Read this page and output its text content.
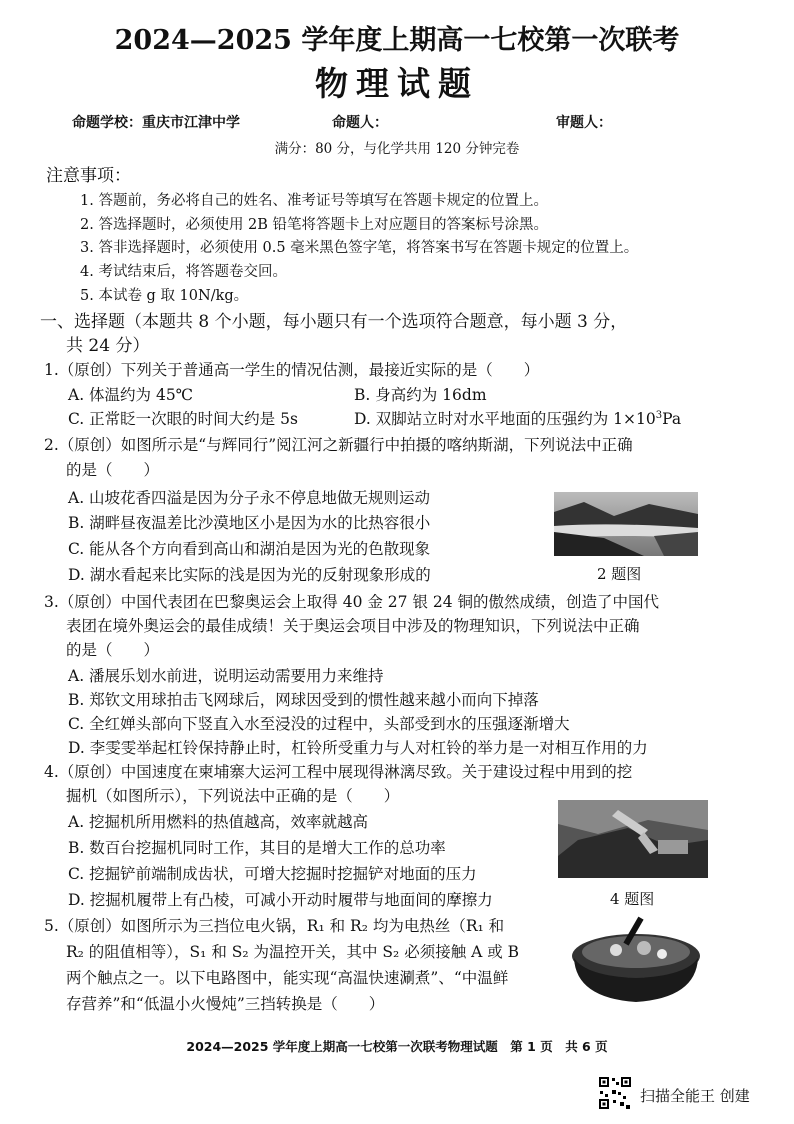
2024—2025 学年度上期高一七校第一次联考
物理试题
命题学校：重庆市江津中学	命题人：	审题人：
满分：80 分，与化学共用 120 分钟完卷
注意事项：
1. 答题前，务必将自己的姓名、准考证号等填写在答题卡规定的位置上。
2. 答选择题时，必须使用 2B 铅笔将答题卡上对应题目的答案标号涂黑。
3. 答非选择题时，必须使用 0.5 毫米黑色签字笔，将答案书写在答题卡规定的位置上。
4. 考试结束后，将答题卷交回。
5. 本试卷 g 取 10N/kg。
一、选择题（本题共 8 个小题，每小题只有一个选项符合题意，每小题 3 分，
共 24 分）
1.（原创）下列关于普通高一学生的情况估测，最接近实际的是（　　）
A. 体温约为 45℃	B. 身高约为 16dm
C. 正常眨一次眼的时间大约是 5s	D. 双脚站立时对水平地面的压强约为 $1\times 10^3Pa$
2.（原创）如图所示是“与辉同行”阅江河之新疆行中拍摄的喀纳斯湖，下列说法中正确
的是（　　）
A. 山坡花香四溢是因为分子永不停息地做无规则运动
B. 湖畔昼夜温差比沙漠地区小是因为水的比热容很小
C. 能从各个方向看到高山和湖泊是因为光的色散现象
D. 湖水看起来比实际的浅是因为光的反射现象形成的	2 题图
3.（原创）中国代表团在巴黎奥运会上取得 40 金 27 银 24 铜的傲然成绩，创造了中国代
表团在境外奥运会的最佳成绩！关于奥运会项目中涉及的物理知识，下列说法中正确
的是（　　）
A. 潘展乐划水前进，说明运动需要用力来维持
B. 郑钦文用球拍击飞网球后，网球因受到的惯性越来越小而向下掉落
C. 全红婵头部向下竖直入水至浸没的过程中，头部受到水的压强逐渐增大
D. 李雯雯举起杠铃保持静止时，杠铃所受重力与人对杠铃的举力是一对相互作用的力
4.（原创）中国速度在柬埔寨大运河工程中展现得淋漓尽致。关于建设过程中用到的挖
掘机（如图所示），下列说法中正确的是（　　）
A. 挖掘机所用燃料的热值越高，效率就越高
B. 数百台挖掘机同时工作，其目的是增大工作的总功率
C. 挖掘铲前端制成齿状，可增大挖掘时挖掘铲对地面的压力
D. 挖掘机履带上有凸棱，可减小开动时履带与地面间的摩擦力	4 题图
5.（原创）如图所示为三挡位电火锅，R₁ 和 R₂ 均为电热丝（R₁ 和
R₂ 的阻值相等），S₁ 和 S₂ 为温控开关，其中 S₂ 必须接触 A 或 B
两个触点之一。以下电路图中，能实现“高温快速涮煮”、“中温鲜
存营养”和“低温小火慢炖”三挡转换是（　　）
2024—2025 学年度上期高一七校第一次联考物理试题　第 1 页　共 6 页
扫描全能王 创建
